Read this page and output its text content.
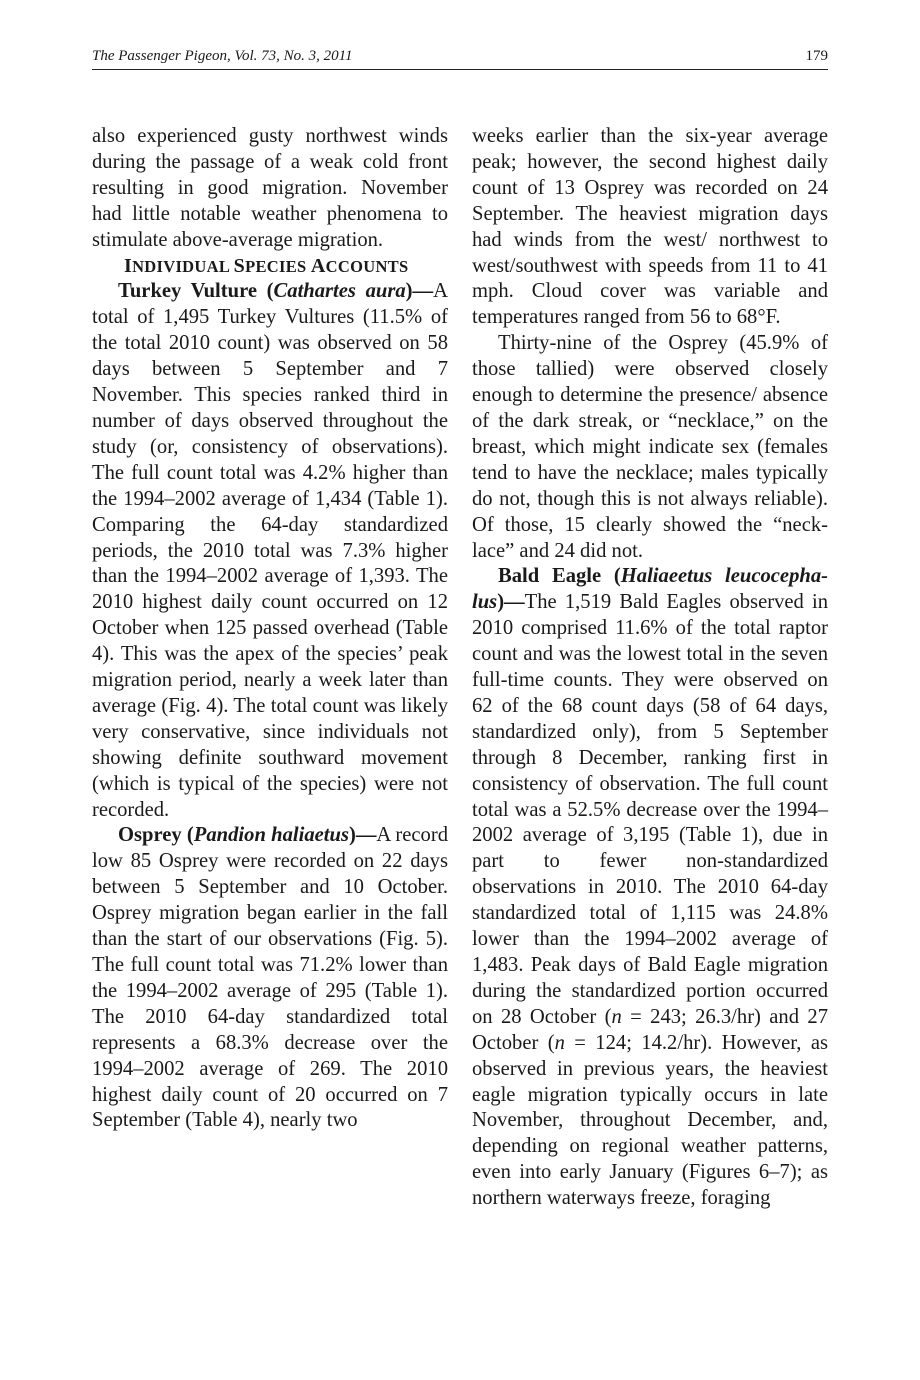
The Passenger Pigeon, Vol. 73, No. 3, 2011	179

also experienced gusty northwest winds during the passage of a weak cold front resulting in good migration. November had little notable weather phenomena to stimulate above-average migration.

INDIVIDUAL SPECIES ACCOUNTS

Turkey Vulture (Cathartes aura)—A total of 1,495 Turkey Vultures (11.5% of the total 2010 count) was observed on 58 days between 5 September and 7 November. This species ranked third in number of days observed throughout the study (or, consistency of observations). The full count total was 4.2% higher than the 1994–2002 average of 1,434 (Table 1). Comparing the 64-day standardized periods, the 2010 total was 7.3% higher than the 1994–2002 average of 1,393. The 2010 highest daily count occurred on 12 October when 125 passed overhead (Table 4). This was the apex of the species’ peak migration period, nearly a week later than average (Fig. 4). The total count was likely very conservative, since individuals not showing definite southward movement (which is typical of the species) were not recorded.

Osprey (Pandion haliaetus)—A record low 85 Osprey were recorded on 22 days between 5 September and 10 October. Osprey migration began earlier in the fall than the start of our observations (Fig. 5). The full count total was 71.2% lower than the 1994–2002 average of 295 (Table 1). The 2010 64-day standardized total represents a 68.3% decrease over the 1994–2002 average of 269. The 2010 highest daily count of 20 occurred on 7 September (Table 4), nearly two

weeks earlier than the six-year average peak; however, the second highest daily count of 13 Osprey was recorded on 24 September. The heaviest migration days had winds from the west/ northwest to west/southwest with speeds from 11 to 41 mph. Cloud cover was variable and temperatures ranged from 56 to 68°F.

Thirty-nine of the Osprey (45.9% of those tallied) were observed closely enough to determine the presence/ absence of the dark streak, or “necklace,” on the breast, which might indicate sex (females tend to have the necklace; males typically do not, though this is not always reliable). Of those, 15 clearly showed the “necklace” and 24 did not.

Bald Eagle (Haliaeetus leucocephalus)—The 1,519 Bald Eagles observed in 2010 comprised 11.6% of the total raptor count and was the lowest total in the seven full-time counts. They were observed on 62 of the 68 count days (58 of 64 days, standardized only), from 5 September through 8 December, ranking first in consistency of observation. The full count total was a 52.5% decrease over the 1994–2002 average of 3,195 (Table 1), due in part to fewer non-standardized observations in 2010. The 2010 64-day standardized total of 1,115 was 24.8% lower than the 1994–2002 average of 1,483. Peak days of Bald Eagle migration during the standardized portion occurred on 28 October (n = 243; 26.3/hr) and 27 October (n = 124; 14.2/hr). However, as observed in previous years, the heaviest eagle migration typically occurs in late November, throughout December, and, depending on regional weather patterns, even into early January (Figures 6–7); as northern waterways freeze, foraging
